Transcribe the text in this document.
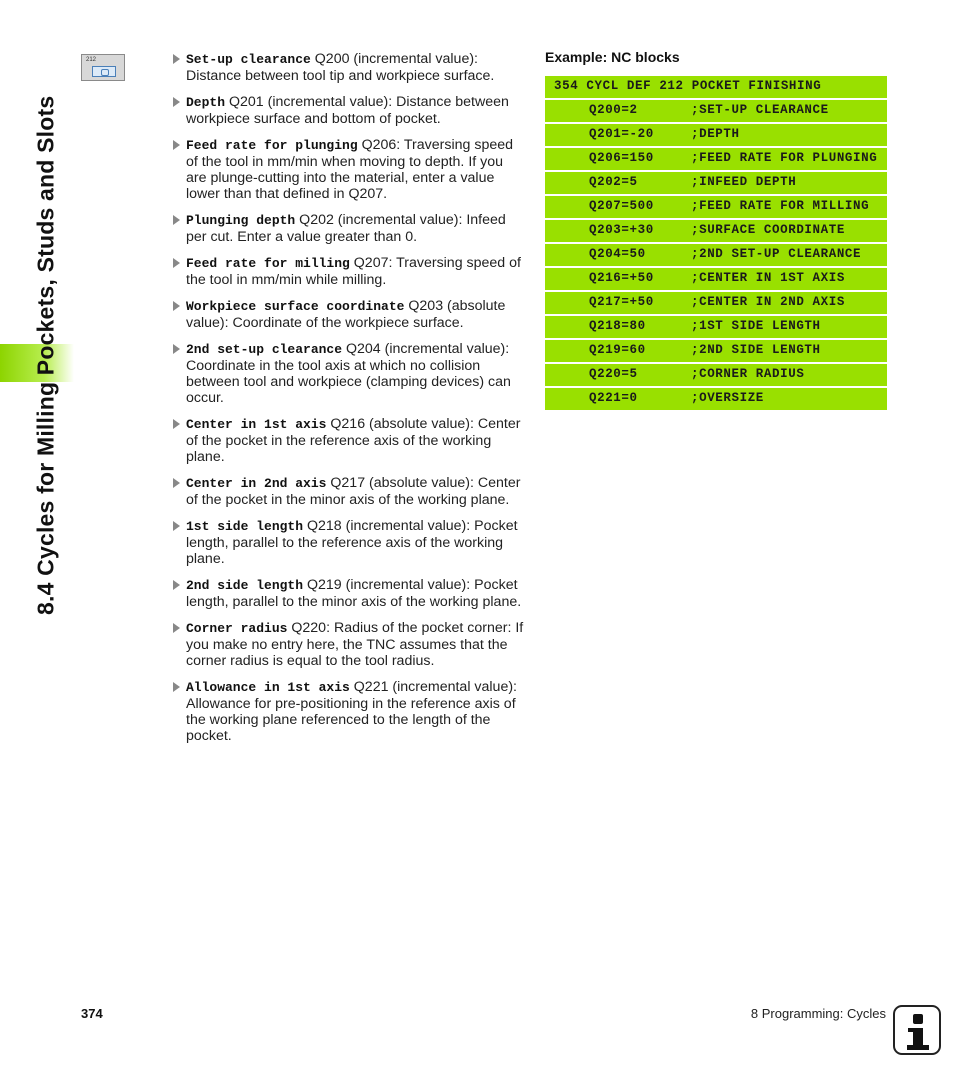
8.4 Cycles for Milling Pockets, Studs and Slots
212	Set-up clearance Q200 (incremental value): Distance between tool tip and workpiece surface.
Depth Q201 (incremental value): Distance between workpiece surface and bottom of pocket.
Feed rate for plunging Q206: Traversing speed of the tool in mm/min when moving to depth. If you are plunge-cutting into the material, enter a value lower than that defined in Q207.
Plunging depth Q202 (incremental value): Infeed per cut. Enter a value greater than 0.
Feed rate for milling Q207: Traversing speed of the tool in mm/min while milling.
Workpiece surface coordinate Q203 (absolute value): Coordinate of the workpiece surface.
2nd set-up clearance Q204 (incremental value): Coordinate in the tool axis at which no collision between tool and workpiece (clamping devices) can occur.
Center in 1st axis Q216 (absolute value): Center of the pocket in the reference axis of the working plane.
Center in 2nd axis Q217 (absolute value): Center of the pocket in the minor axis of the working plane.
1st side length Q218 (incremental value): Pocket length, parallel to the reference axis of the working plane.
2nd side length Q219 (incremental value): Pocket length, parallel to the minor axis of the working plane.
Corner radius Q220: Radius of the pocket corner: If you make no entry here, the TNC assumes that the corner radius is equal to the tool radius.
Allowance in 1st axis Q221 (incremental value): Allowance for pre-positioning in the reference axis of the working plane referenced to the length of the pocket.
Example: NC blocks
354 CYCL DEF 212 POCKET FINISHING
Q200=2	;SET-UP CLEARANCE
Q201=-20	;DEPTH
Q206=150	;FEED RATE FOR PLUNGING
Q202=5	;INFEED DEPTH
Q207=500	;FEED RATE FOR MILLING
Q203=+30	;SURFACE COORDINATE
Q204=50	;2ND SET-UP CLEARANCE
Q216=+50	;CENTER IN 1ST AXIS
Q217=+50	;CENTER IN 2ND AXIS
Q218=80	;1ST SIDE LENGTH
Q219=60	;2ND SIDE LENGTH
Q220=5	;CORNER RADIUS
Q221=0	;OVERSIZE
374	8 Programming: Cycles
